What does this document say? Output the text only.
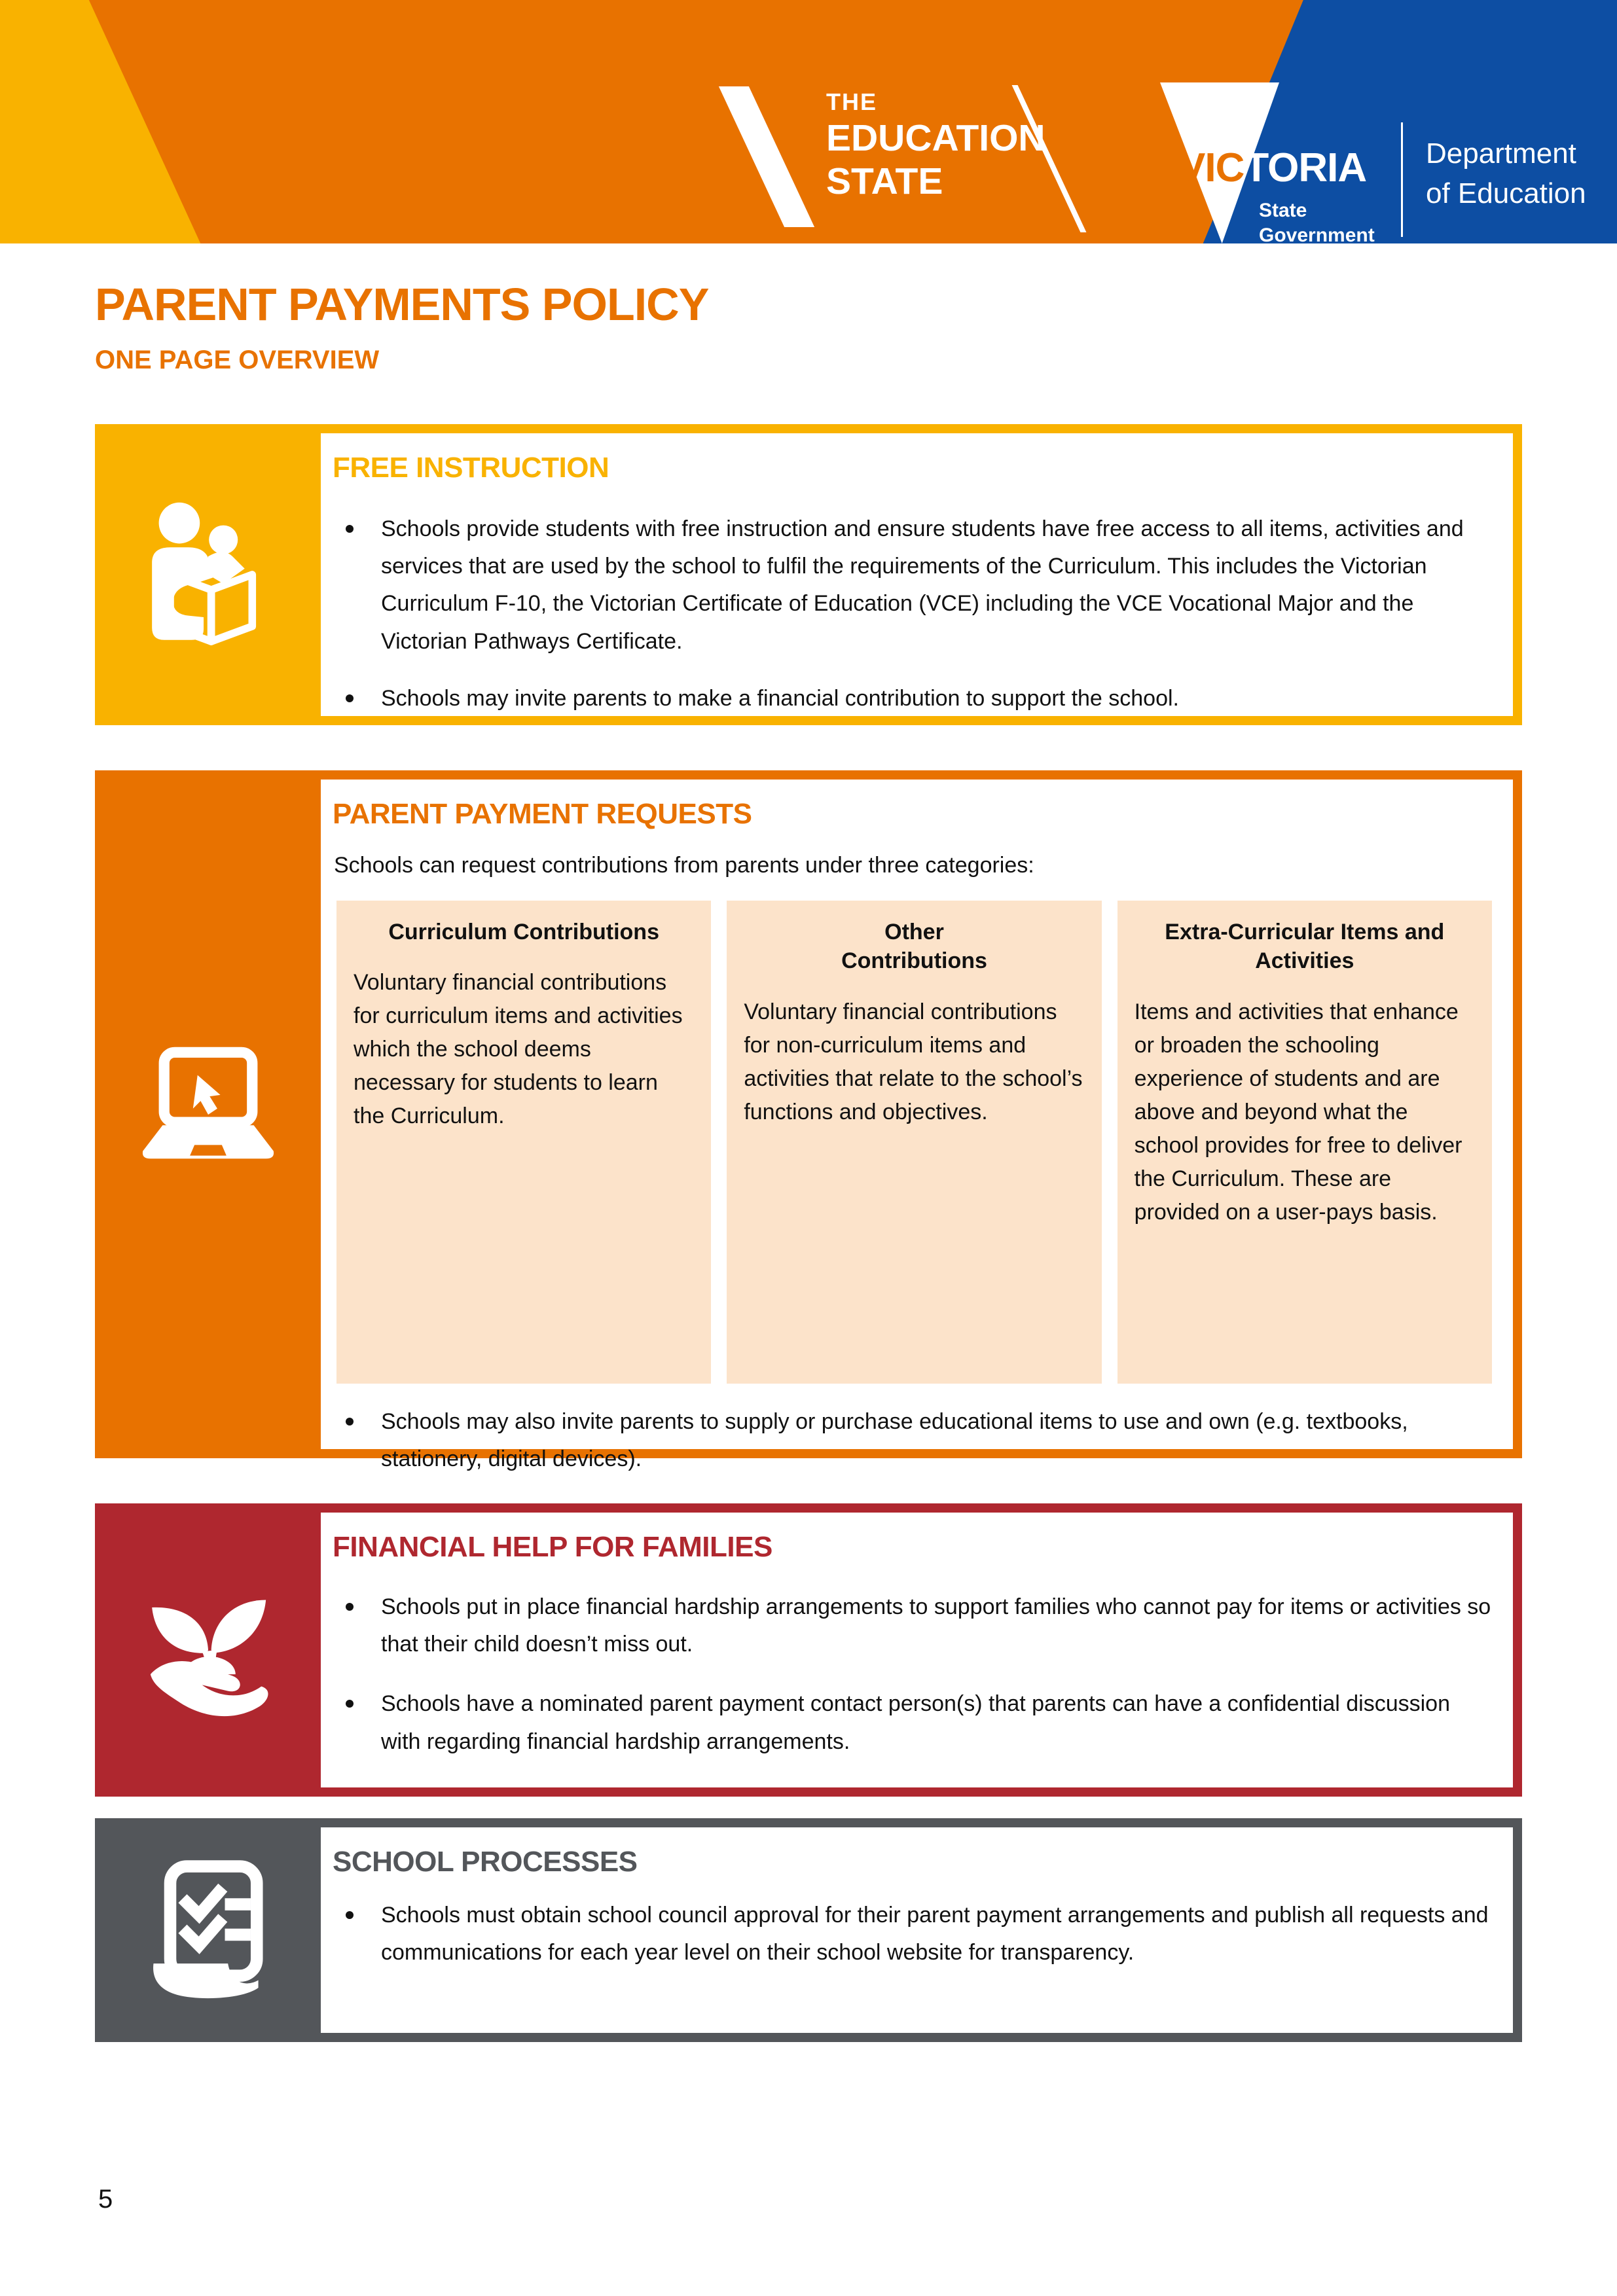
THE
EDUCATION
STATE	VICTORIA
State
Government
Department
of Education
PARENT PAYMENTS POLICY
ONE PAGE OVERVIEW
FREE INSTRUCTION
Schools provide students with free instruction and ensure students have free access to all items, activities and services that are used by the school to fulfil the requirements of the Curriculum. This includes the Victorian Curriculum F-10, the Victorian Certificate of Education (VCE) including the VCE Vocational Major and the Victorian Pathways Certificate.
Schools may invite parents to make a financial contribution to support the school.
PARENT PAYMENT REQUESTS
Schools can request contributions from parents under three categories:
Curriculum Contributions
Voluntary financial contributions for curriculum items and activities which the school deems necessary for students to learn the Curriculum.
Other Contributions
Voluntary financial contributions for non-curriculum items and activities that relate to the school’s functions and objectives.
Extra-Curricular Items and Activities
Items and activities that enhance or broaden the schooling experience of students and are above and beyond what the school provides for free to deliver the Curriculum. These are provided on a user-pays basis.
Schools may also invite parents to supply or purchase educational items to use and own (e.g. textbooks, stationery, digital devices).
FINANCIAL HELP FOR FAMILIES
Schools put in place financial hardship arrangements to support families who cannot pay for items or activities so that their child doesn’t miss out.
Schools have a nominated parent payment contact person(s) that parents can have a confidential discussion with regarding financial hardship arrangements.
SCHOOL PROCESSES
Schools must obtain school council approval for their parent payment arrangements and publish all requests and communications for each year level on their school website for transparency.
5
